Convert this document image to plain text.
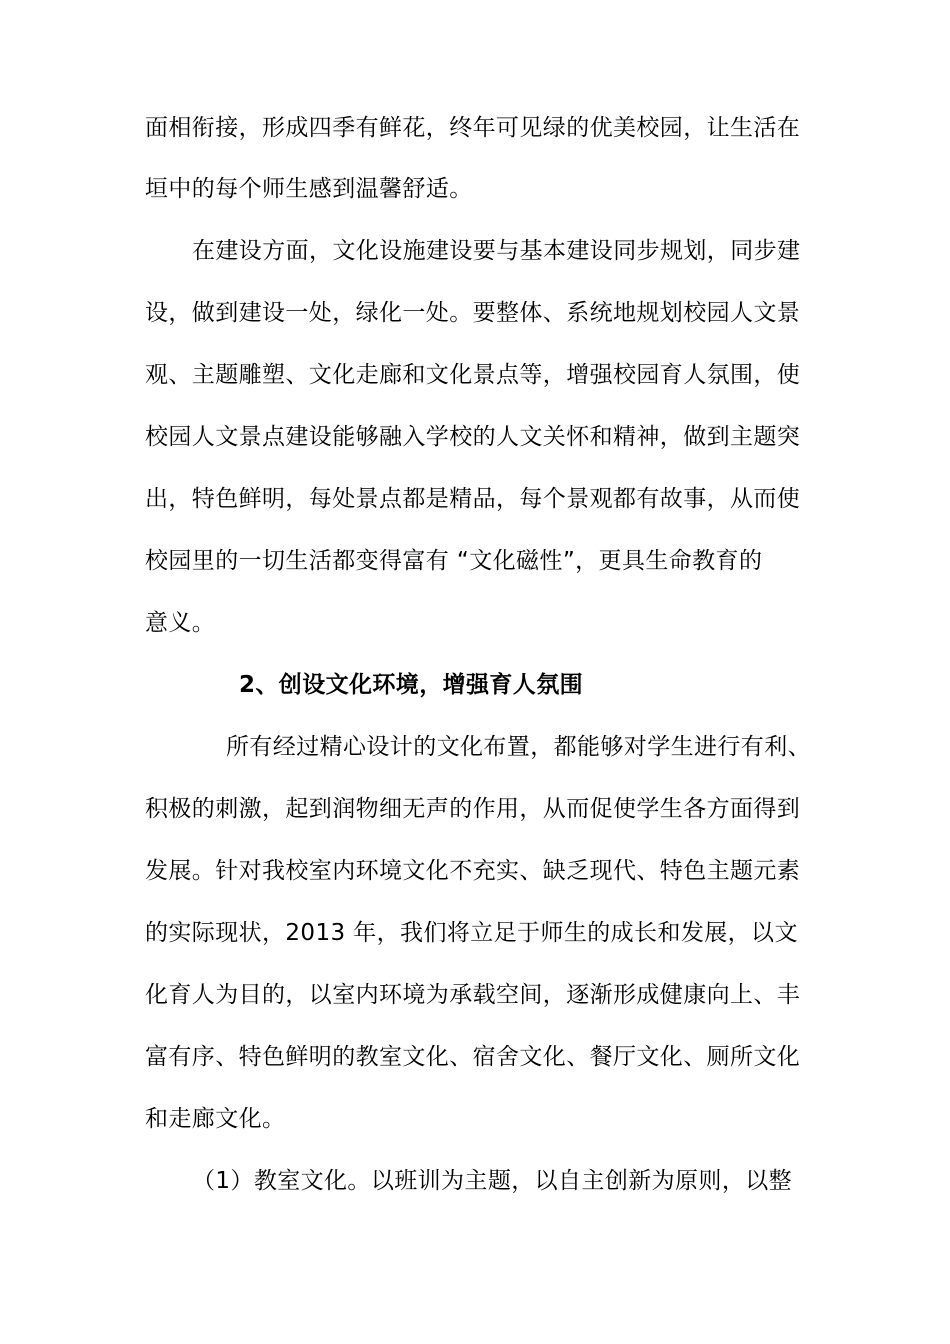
面相衔接，形成四季有鲜花，终年可见绿的优美校园，让生活在
垣中的每个师生感到温馨舒适。
在建设方面，文化设施建设要与基本建设同步规划，同步建
设，做到建设一处，绿化一处。要整体、系统地规划校园人文景
观、主题雕塑、文化走廊和文化景点等，增强校园育人氛围，使
校园人文景点建设能够融入学校的人文关怀和精神，做到主题突
出，特色鲜明，每处景点都是精品，每个景观都有故事，从而使
校园里的一切生活都变得富有 “文化磁性”，更具生命教育的
意义。
2、创设文化环境，增强育人氛围
所有经过精心设计的文化布置，都能够对学生进行有利、
积极的刺激，起到润物细无声的作用，从而促使学生各方面得到
发展。针对我校室内环境文化不充实、缺乏现代、特色主题元素
的实际现状，2013 年，我们将立足于师生的成长和发展，以文
化育人为目的，以室内环境为承载空间，逐渐形成健康向上、丰
富有序、特色鲜明的教室文化、宿舍文化、餐厅文化、厕所文化
和走廊文化。
（1）教室文化。以班训为主题，以自主创新为原则，以整
